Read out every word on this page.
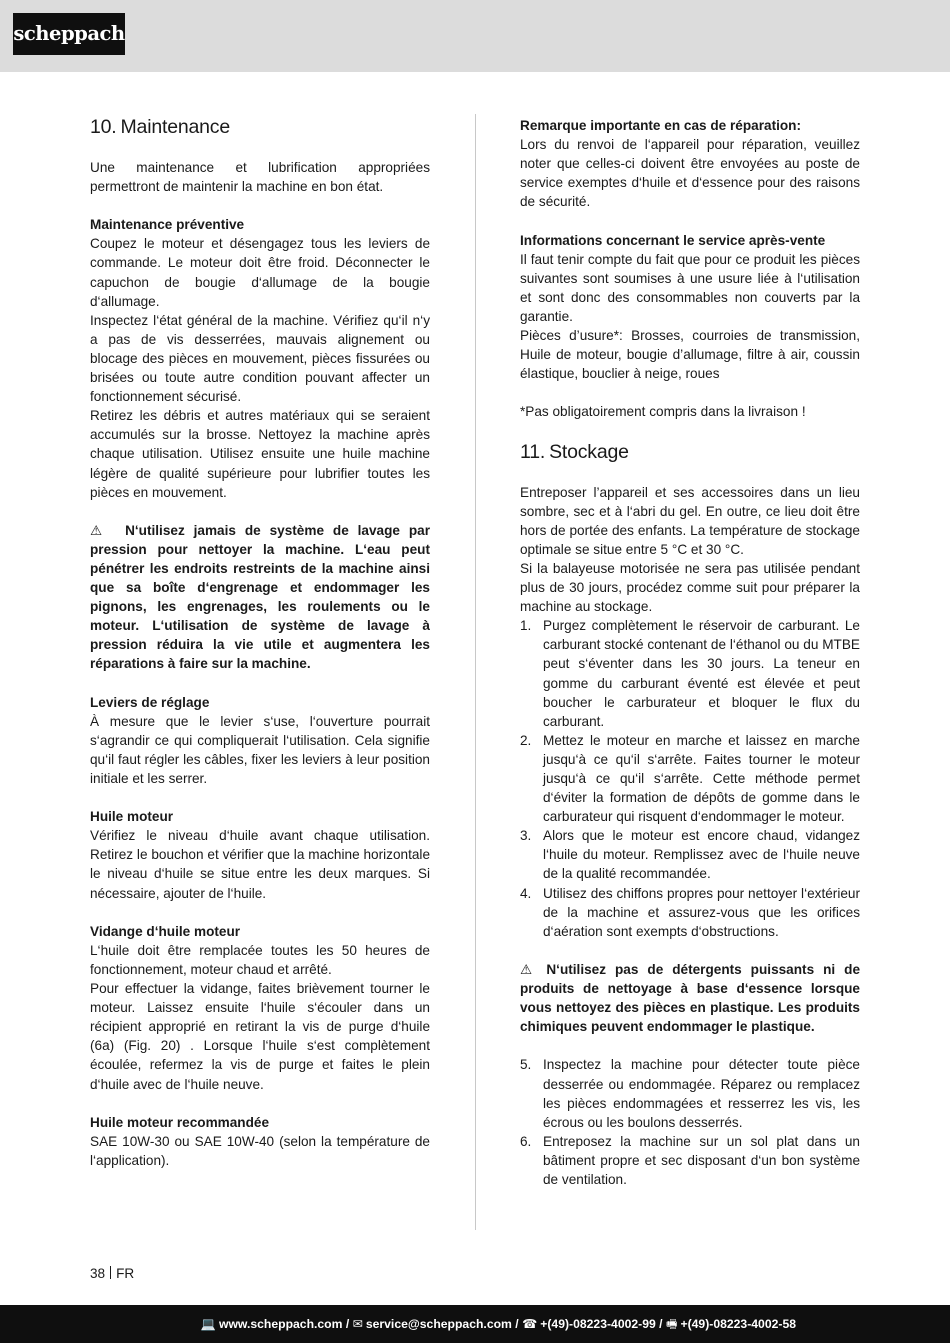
scheppach
10. Maintenance

Une maintenance et lubrification appropriées permettront de maintenir la machine en bon état.

Maintenance préventive

Coupez le moteur et désengagez tous les leviers de commande. Le moteur doit être froid. Déconnecter le capuchon de bougie d‘allumage de la bougie d‘allumage.

Inspectez l‘état général de la machine. Vérifiez qu‘il n‘y a pas de vis desserrées, mauvais alignement ou blocage des pièces en mouvement, pièces fissurées ou brisées ou toute autre condition pouvant affecter un fonctionnement sécurisé.

Retirez les débris et autres matériaux qui se seraient accumulés sur la brosse. Nettoyez la machine après chaque utilisation. Utilisez ensuite une huile machine légère de qualité supérieure pour lubrifier toutes les pièces en mouvement.

⚠ N‘utilisez jamais de système de lavage par pression pour nettoyer la machine. L‘eau peut pénétrer les endroits restreints de la machine ainsi que sa boîte d‘engrenage et endommager les pignons, les engrenages, les roulements ou le moteur. L‘utilisation de système de lavage à pression réduira la vie utile et augmentera les réparations à faire sur la machine.

Leviers de réglage

À mesure que le levier s‘use, l‘ouverture pourrait s‘agrandir ce qui compliquerait l‘utilisation. Cela signifie qu‘il faut régler les câbles, fixer les leviers à leur position initiale et les serrer.

Huile moteur

Vérifiez le niveau d‘huile avant chaque utilisation. Retirez le bouchon et vérifier que la machine horizontale le niveau d‘huile se situe entre les deux marques. Si nécessaire, ajouter de l‘huile.

Vidange d‘huile moteur

L‘huile doit être remplacée toutes les 50 heures de fonctionnement, moteur chaud et arrêté.

Pour effectuer la vidange, faites brièvement tourner le moteur. Laissez ensuite l‘huile s‘écouler dans un récipient approprié en retirant la vis de purge d‘huile (6a) (Fig. 20) . Lorsque l‘huile s‘est complètement écoulée, refermez la vis de purge et faites le plein d‘huile avec de l‘huile neuve.

Huile moteur recommandée

SAE 10W-30 ou SAE 10W-40 (selon la température de l‘application).

Remarque importante en cas de réparation:

Lors du renvoi de l‘appareil pour réparation, veuillez noter que celles-ci doivent être envoyées au poste de service exemptes d‘huile et d‘essence pour des raisons de sécurité.

Informations concernant le service après-vente

Il faut tenir compte du fait que pour ce produit les pièces suivantes sont soumises à une usure liée à l‘utilisation et sont donc des consommables non couverts par la garantie.

Pièces d’usure*: Brosses, courroies de transmission, Huile de moteur, bougie d’allumage, filtre à air, coussin élastique, bouclier à neige, roues

*Pas obligatoirement compris dans la livraison !

11. Stockage

Entreposer l’appareil et ses accessoires dans un lieu sombre, sec et à l‘abri du gel. En outre, ce lieu doit être hors de portée des enfants. La température de stockage optimale se situe entre 5 °C et 30 °C.

Si la balayeuse motorisée ne sera pas utilisée pendant plus de 30 jours, procédez comme suit pour préparer la machine au stockage.

1. Purgez complètement le réservoir de carburant. Le carburant stocké contenant de l‘éthanol ou du MTBE peut s‘éventer dans les 30 jours. La teneur en gomme du carburant éventé est élevée et peut boucher le carburateur et bloquer le flux du carburant.
2. Mettez le moteur en marche et laissez en marche jusqu‘à ce qu‘il s‘arrête. Faites tourner le moteur jusqu‘à ce qu‘il s‘arrête. Cette méthode permet d‘éviter la formation de dépôts de gomme dans le carburateur qui risquent d‘endommager le moteur.
3. Alors que le moteur est encore chaud, vidangez l‘huile du moteur. Remplissez avec de l‘huile neuve de la qualité recommandée.
4. Utilisez des chiffons propres pour nettoyer l‘extérieur de la machine et assurez-vous que les orifices d‘aération sont exempts d‘obstructions.

⚠ N‘utilisez pas de détergents puissants ni de produits de nettoyage à base d‘essence lorsque vous nettoyez des pièces en plastique. Les produits chimiques peuvent endommager le plastique.

5. Inspectez la machine pour détecter toute pièce desserrée ou endommagée. Réparez ou remplacez les pièces endommagées et resserrez les vis, les écrous ou les boulons desserrés.
6. Entreposez la machine sur un sol plat dans un bâtiment propre et sec disposant d‘un bon système de ventilation.
38 FR
💻 www.scheppach.com / ✉ service@scheppach.com / ☎ +(49)-08223-4002-99 / 🖷 +(49)-08223-4002-58
